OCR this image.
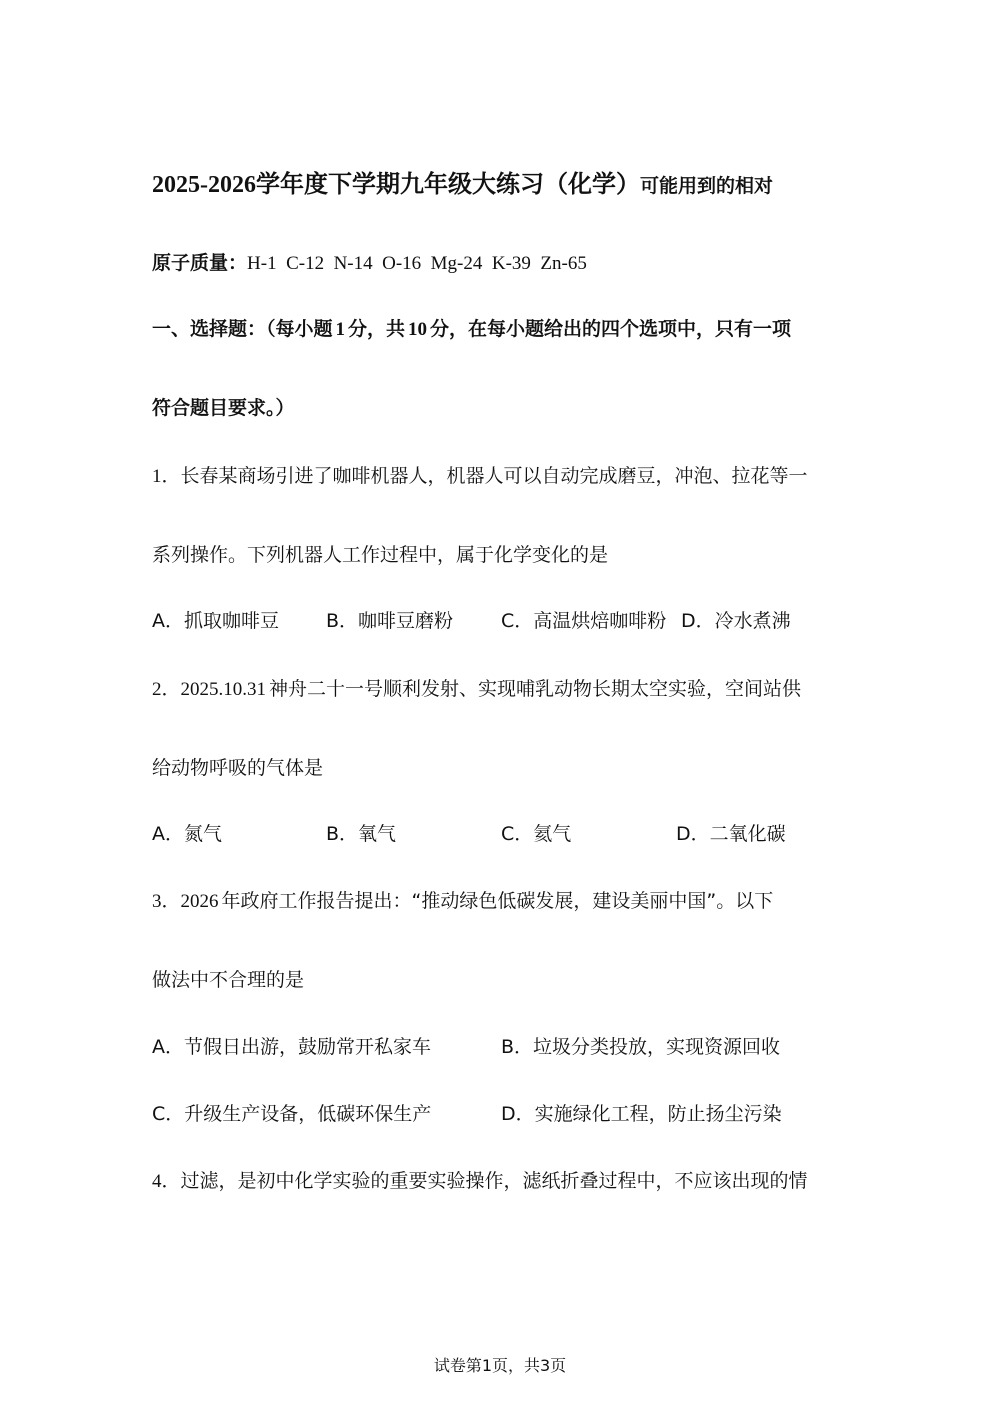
2025-2026学年度下学期九年级大练习（化学）可能用到的相对
原子质量：H-1  C-12  N-14  O-16  Mg-24  K-39  Zn-65
一、选择题：（每小题 1 分，共 10 分，在每小题给出的四个选项中，只有一项
符合题目要求。）
1．长春某商场引进了咖啡机器人，机器人可以自动完成磨豆，冲泡、拉花等一
系列操作。下列机器人工作过程中，属于化学变化的是
A．抓取咖啡豆 B．咖啡豆磨粉	C．高温烘焙咖啡粉 D．冷水煮沸
2．2025.10.31 神舟二十一号顺利发射、实现哺乳动物长期太空实验，空间站供
给动物呼吸的气体是
A．氮气	B．氧气	C．氦气	D．二氧化碳
3．2026 年政府工作报告提出：“推动绿色低碳发展，建设美丽中国”。以下
做法中不合理的是
A．节假日出游，鼓励常开私家车	B．垃圾分类投放，实现资源回收
C．升级生产设备，低碳环保生产	D．实施绿化工程，防止扬尘污染
4．过滤，是初中化学实验的重要实验操作，滤纸折叠过程中，不应该出现的情
试卷第1页，共3页
